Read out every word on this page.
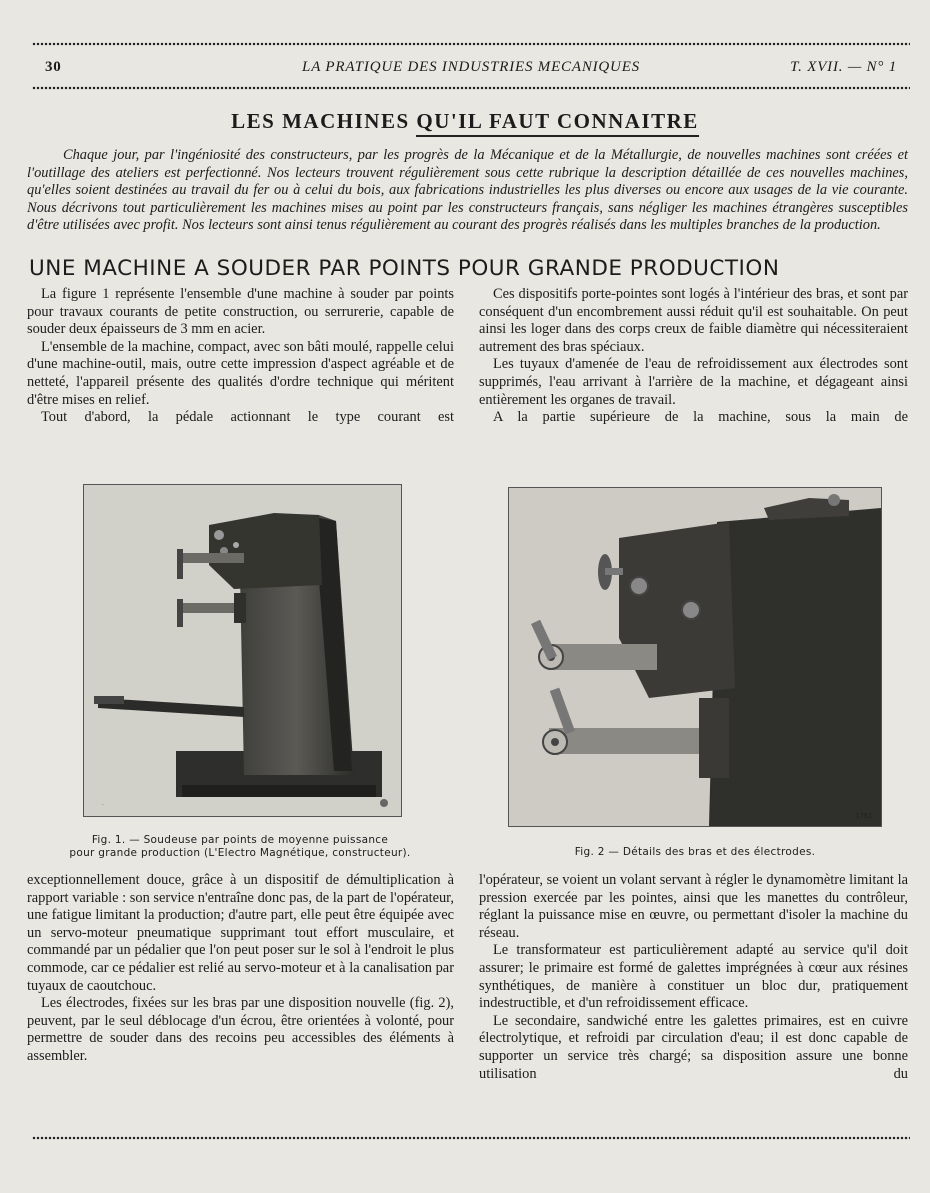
30	LA PRATIQUE DES INDUSTRIES MECANIQUES	T. XVII. — N° 1
LES MACHINES QU'IL FAUT CONNAITRE
Chaque jour, par l'ingéniosité des constructeurs, par les progrès de la Mécanique et de la Métallurgie, de nouvelles machines sont créées et l'outillage des ateliers est perfectionné. Nos lecteurs trouvent régulièrement sous cette rubrique la description détaillée de ces nouvelles machines, qu'elles soient destinées au travail du fer ou à celui du bois, aux fabrications industrielles les plus diverses ou encore aux usages de la vie courante. Nous décrivons tout particulièrement les machines mises au point par les constructeurs français, sans négliger les machines étrangères susceptibles d'être utilisées avec profit. Nos lecteurs sont ainsi tenus régulièrement au courant des progrès réalisés dans les multiples branches de la production.
UNE MACHINE A SOUDER PAR POINTS POUR GRANDE PRODUCTION

La figure 1 représente l'ensemble d'une machine à souder par points pour travaux courants de petite construction, ou serrurerie, capable de souder deux épaisseurs de 3 mm en acier.

L'ensemble de la machine, compact, avec son bâti moulé, rappelle celui d'une machine-outil, mais, outre cette impression d'aspect agréable et de netteté, l'appareil présente des qualités d'ordre technique qui méritent d'être mises en relief.

Tout d'abord, la pédale actionnant le type courant est

Ces dispositifs porte-pointes sont logés à l'intérieur des bras, et sont par conséquent d'un encombrement aussi réduit qu'il est souhaitable. On peut ainsi les loger dans des corps creux de faible diamètre qui nécessiteraient autrement des bras spéciaux.

Les tuyaux d'amenée de l'eau de refroidissement aux électrodes sont supprimés, l'eau arrivant à l'arrière de la machine, et dégageant ainsi entièrement les organes de travail.

A la partie supérieure de la machine, sous la main de

.
1761
Fig. 1. — Soudeuse par points de moyenne puissance
pour grande production (L'Electro Magnétique, constructeur).	Fig. 2 — Détails des bras et des électrodes.

exceptionnellement douce, grâce à un dispositif de démultiplication à rapport variable : son service n'entraîne donc pas, de la part de l'opérateur, une fatigue limitant la production; d'autre part, elle peut être équipée avec un servo-moteur pneumatique supprimant tout effort musculaire, et commandé par un pédalier que l'on peut poser sur le sol à l'endroit le plus commode, car ce pédalier est relié au servo-moteur et à la canalisation par tuyaux de caoutchouc.

Les électrodes, fixées sur les bras par une disposition nouvelle (fig. 2), peuvent, par le seul déblocage d'un écrou, être orientées à volonté, pour permettre de souder dans des recoins peu accessibles des éléments à assembler.

l'opérateur, se voient un volant servant à régler le dynamomètre limitant la pression exercée par les pointes, ainsi que les manettes du contrôleur, réglant la puissance mise en œuvre, ou permettant d'isoler la machine du réseau.

Le transformateur est particulièrement adapté au service qu'il doit assurer; le primaire est formé de galettes imprégnées à cœur aux résines synthétiques, de manière à constituer un bloc dur, pratiquement indestructible, et d'un refroidissement efficace.

Le secondaire, sandwiché entre les galettes primaires, est en cuivre électrolytique, et refroidi par circulation d'eau; il est donc capable de supporter un service très chargé; sa disposition assure une bonne utilisation du
